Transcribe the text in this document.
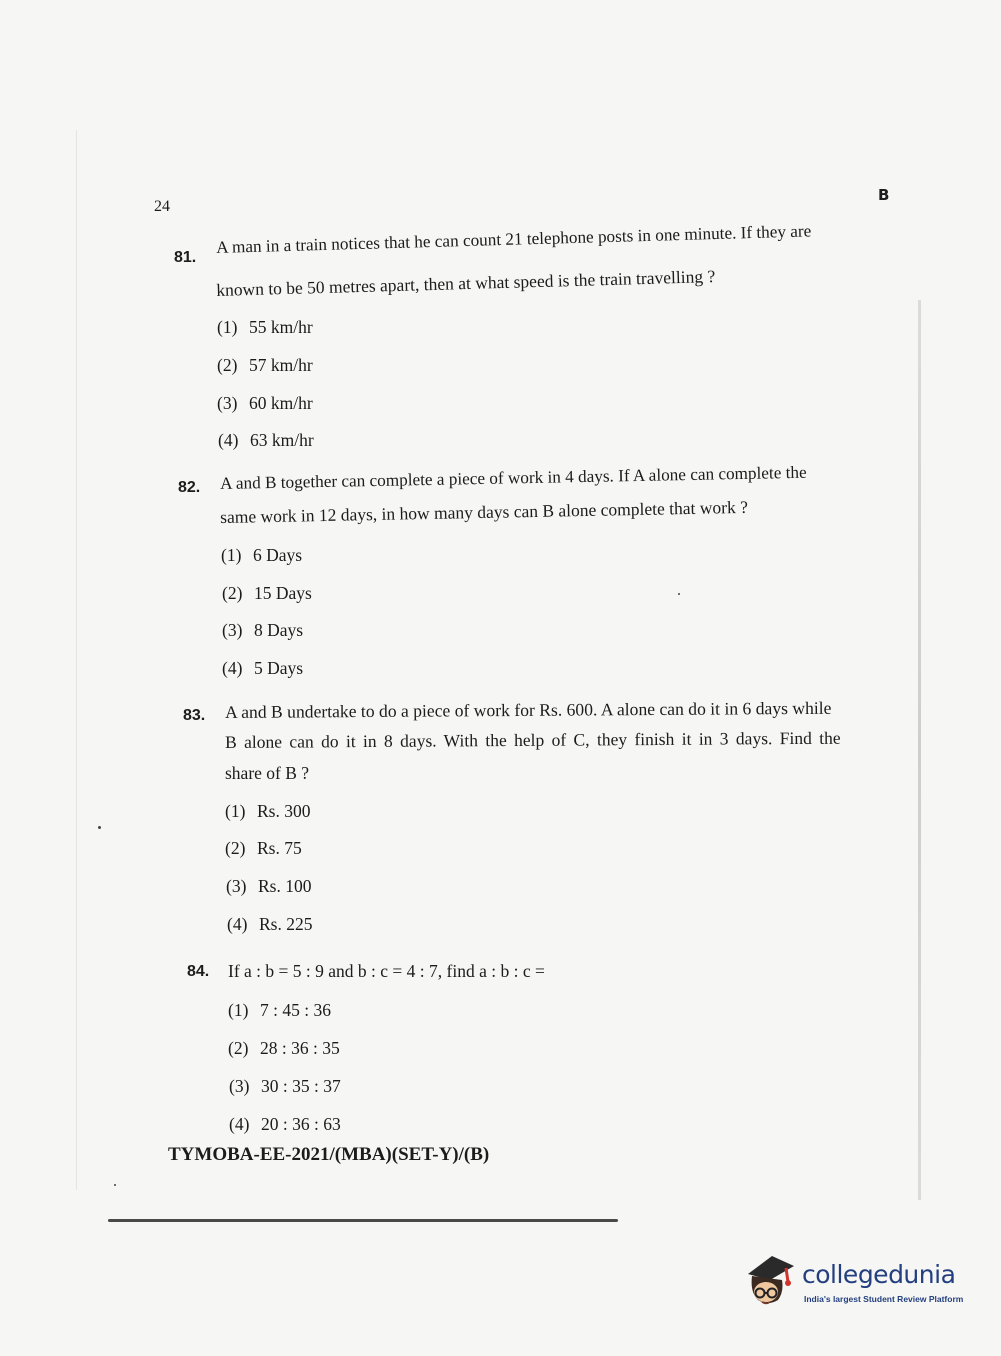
24
B
81.
A man in a train notices that he can count 21 telephone posts in one minute. If they are
known to be 50 metres apart, then at what speed is the train travelling ?
(1) 55 km/hr
(2) 57 km/hr
(3) 60 km/hr
(4) 63 km/hr
82. A and B together can complete a piece of work in 4 days. If A alone can complete the
same work in 12 days, in how many days can B alone complete that work ?
(1) 6 Days
(2) 15 Days
(3) 8 Days
(4) 5 Days
83. A and B undertake to do a piece of work for Rs. 600. A alone can do it in 6 days while
B alone can do it in 8 days. With the help of C, they finish it in 3 days. Find the
share of B ?
(1) Rs. 300
(2) Rs. 75
(3) Rs. 100
(4) Rs. 225
84. If a : b = 5 : 9 and b : c = 4 : 7, find a : b : c =
(1) 7 : 45 : 36
(2) 28 : 36 : 35
(3) 30 : 35 : 37
(4) 20 : 36 : 63
TYMOBA-EE-2021/(MBA)(SET-Y)/(B)
collegedunia
India's largest Student Review Platform
